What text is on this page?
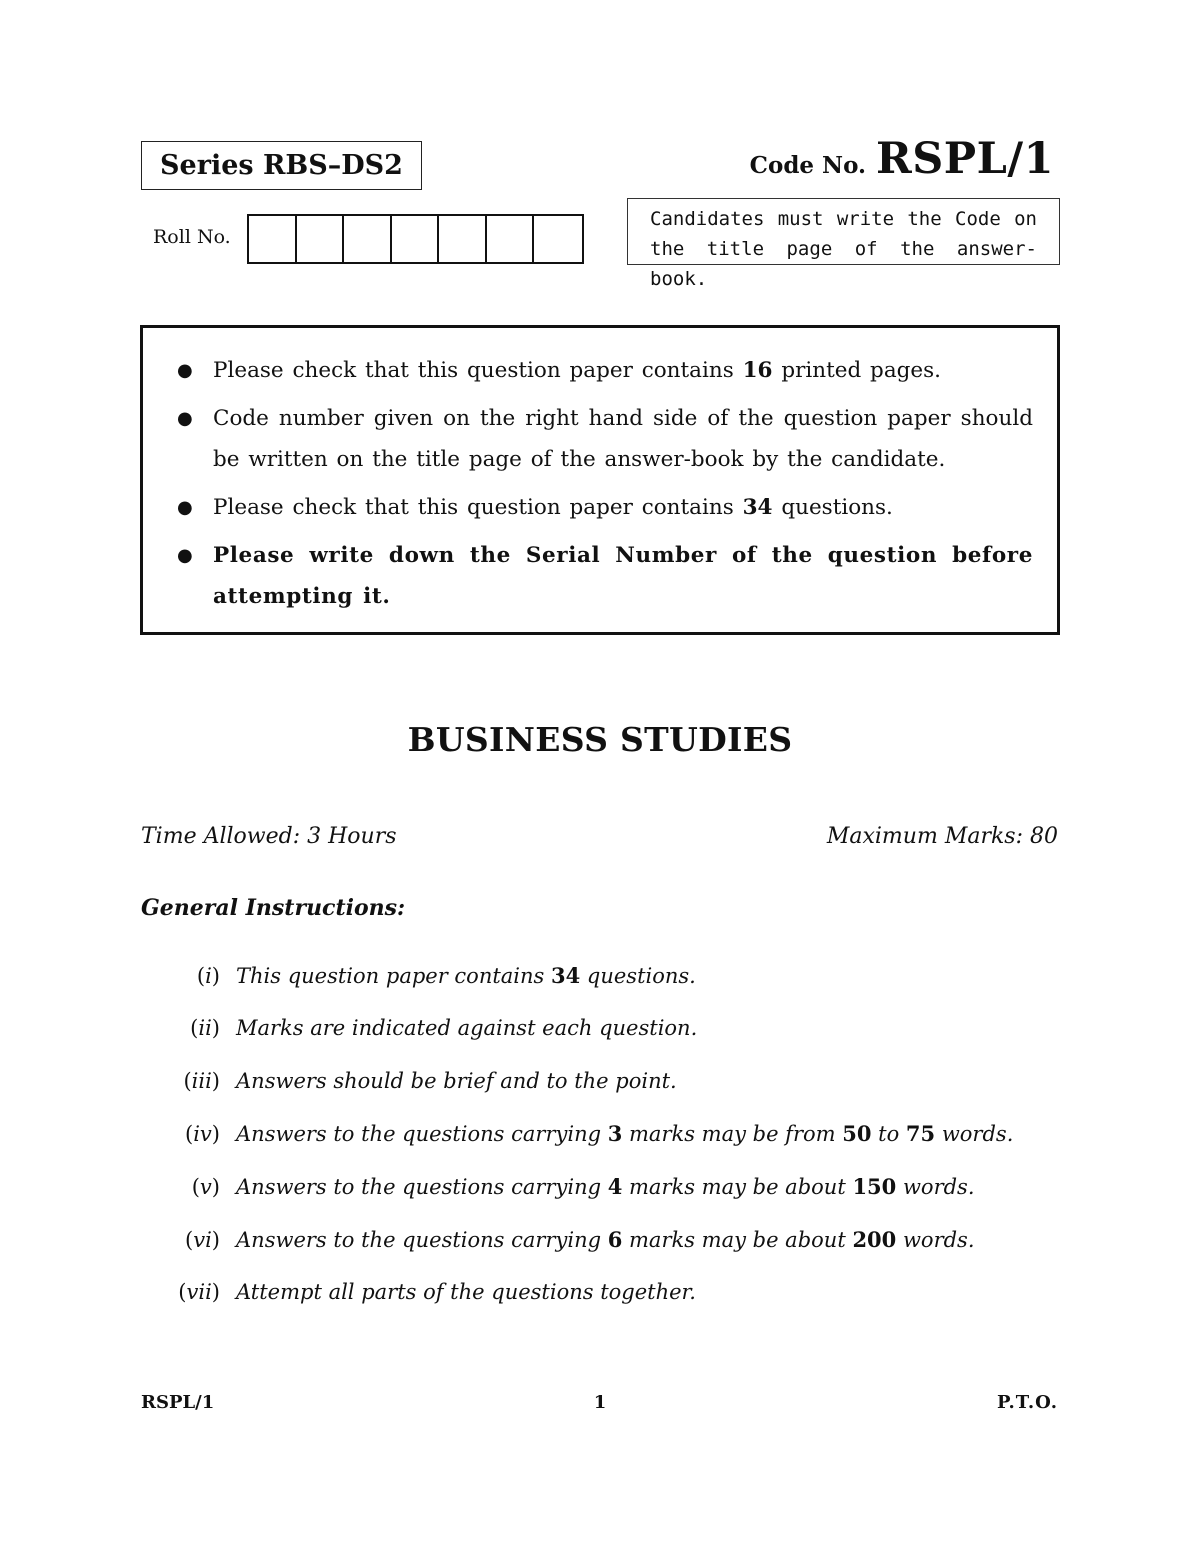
Series RBS–DS2	Code No. RSPL/1
Roll No.
Candidates must write the Code on
the title page of the answer-book.
● Please check that this question paper contains 16 printed pages.
● Code number given on the right hand side of the question paper should be written on the title page of the answer-book by the candidate.
● Please check that this question paper contains 34 questions.
● Please write down the Serial Number of the question before attempting it.
BUSINESS STUDIES
Time Allowed: 3 Hours	Maximum Marks: 80
General Instructions:
(i) This question paper contains 34 questions.
(ii) Marks are indicated against each question.
(iii) Answers should be brief and to the point.
(iv) Answers to the questions carrying 3 marks may be from 50 to 75 words.
(v) Answers to the questions carrying 4 marks may be about 150 words.
(vi) Answers to the questions carrying 6 marks may be about 200 words.
(vii) Attempt all parts of the questions together.
RSPL/1	1	P.T.O.
